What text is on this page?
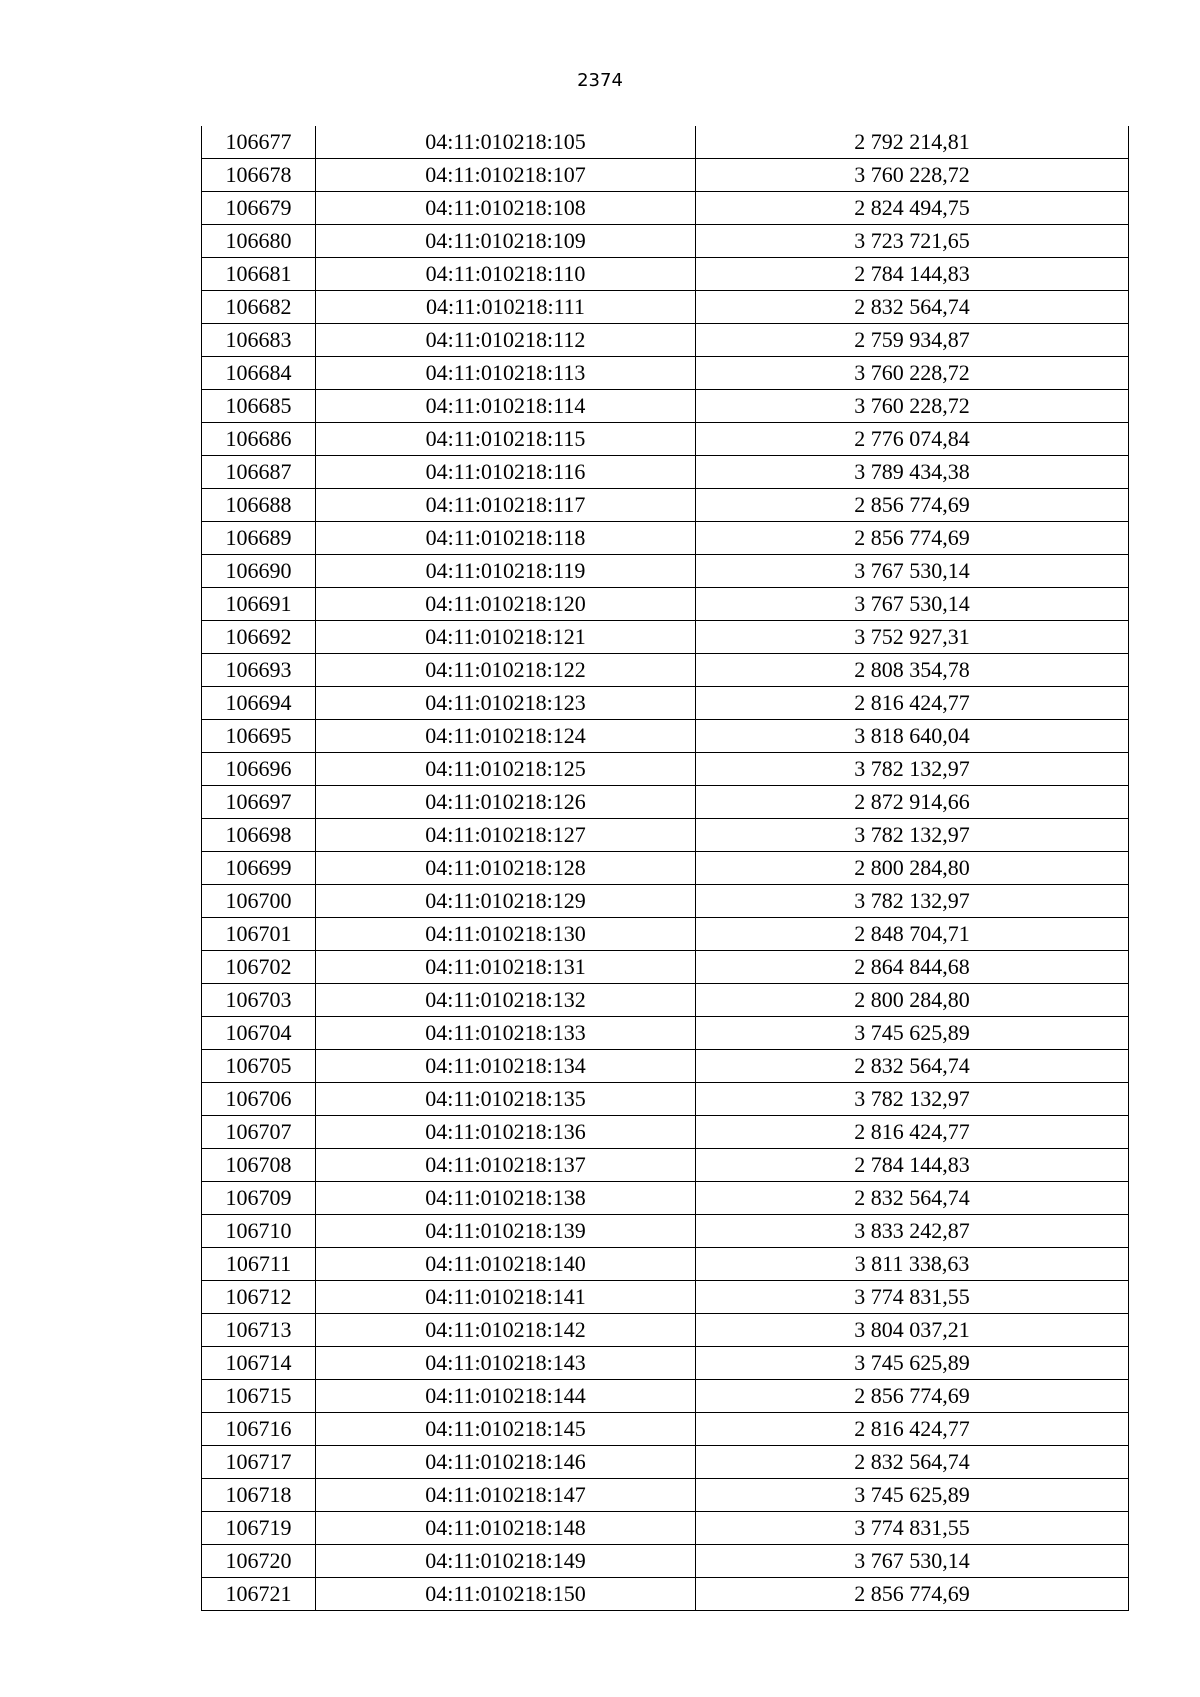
2374
106677	04:11:010218:105	2 792 214,81
106678	04:11:010218:107	3 760 228,72
106679	04:11:010218:108	2 824 494,75
106680	04:11:010218:109	3 723 721,65
106681	04:11:010218:110	2 784 144,83
106682	04:11:010218:111	2 832 564,74
106683	04:11:010218:112	2 759 934,87
106684	04:11:010218:113	3 760 228,72
106685	04:11:010218:114	3 760 228,72
106686	04:11:010218:115	2 776 074,84
106687	04:11:010218:116	3 789 434,38
106688	04:11:010218:117	2 856 774,69
106689	04:11:010218:118	2 856 774,69
106690	04:11:010218:119	3 767 530,14
106691	04:11:010218:120	3 767 530,14
106692	04:11:010218:121	3 752 927,31
106693	04:11:010218:122	2 808 354,78
106694	04:11:010218:123	2 816 424,77
106695	04:11:010218:124	3 818 640,04
106696	04:11:010218:125	3 782 132,97
106697	04:11:010218:126	2 872 914,66
106698	04:11:010218:127	3 782 132,97
106699	04:11:010218:128	2 800 284,80
106700	04:11:010218:129	3 782 132,97
106701	04:11:010218:130	2 848 704,71
106702	04:11:010218:131	2 864 844,68
106703	04:11:010218:132	2 800 284,80
106704	04:11:010218:133	3 745 625,89
106705	04:11:010218:134	2 832 564,74
106706	04:11:010218:135	3 782 132,97
106707	04:11:010218:136	2 816 424,77
106708	04:11:010218:137	2 784 144,83
106709	04:11:010218:138	2 832 564,74
106710	04:11:010218:139	3 833 242,87
106711	04:11:010218:140	3 811 338,63
106712	04:11:010218:141	3 774 831,55
106713	04:11:010218:142	3 804 037,21
106714	04:11:010218:143	3 745 625,89
106715	04:11:010218:144	2 856 774,69
106716	04:11:010218:145	2 816 424,77
106717	04:11:010218:146	2 832 564,74
106718	04:11:010218:147	3 745 625,89
106719	04:11:010218:148	3 774 831,55
106720	04:11:010218:149	3 767 530,14
106721	04:11:010218:150	2 856 774,69
